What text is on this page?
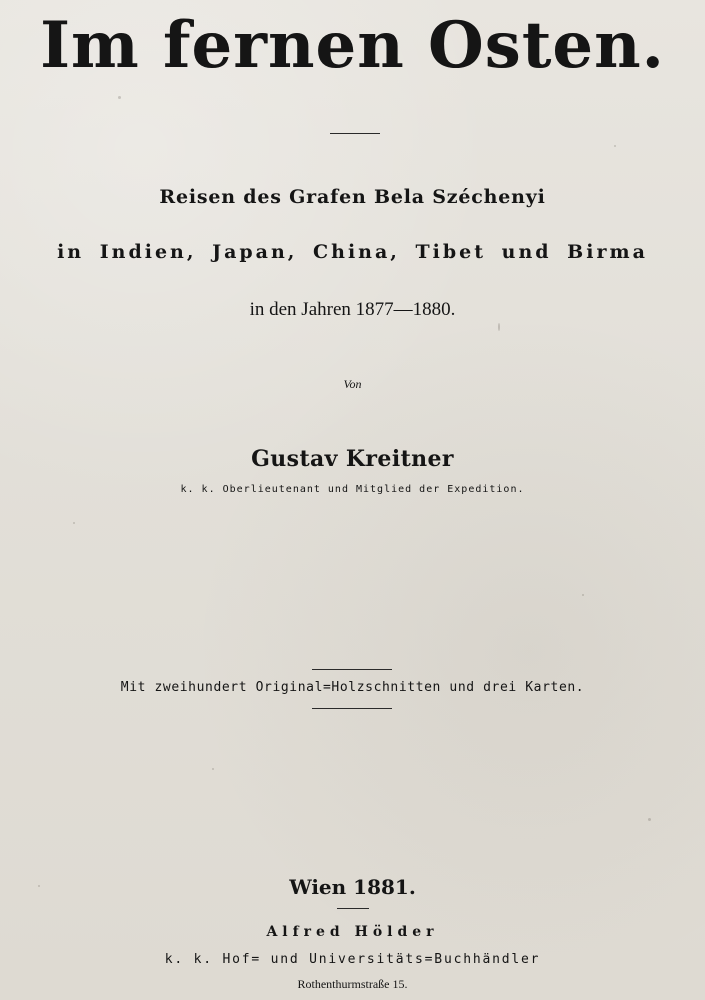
Im fernen Osten.
Reisen des Grafen Bela Széchenyi
in Indien, Japan, China, Tibet und Birma
in den Jahren 1877—1880.
Von
Gustav Kreitner
k. k. Oberlieutenant und Mitglied der Expedition.
Mit zweihundert Original=Holzschnitten und drei Karten.
Wien 1881.
Alfred Hölder
k. k. Hof= und Universitäts=Buchhändler
Rothenthurmstraße 15.
